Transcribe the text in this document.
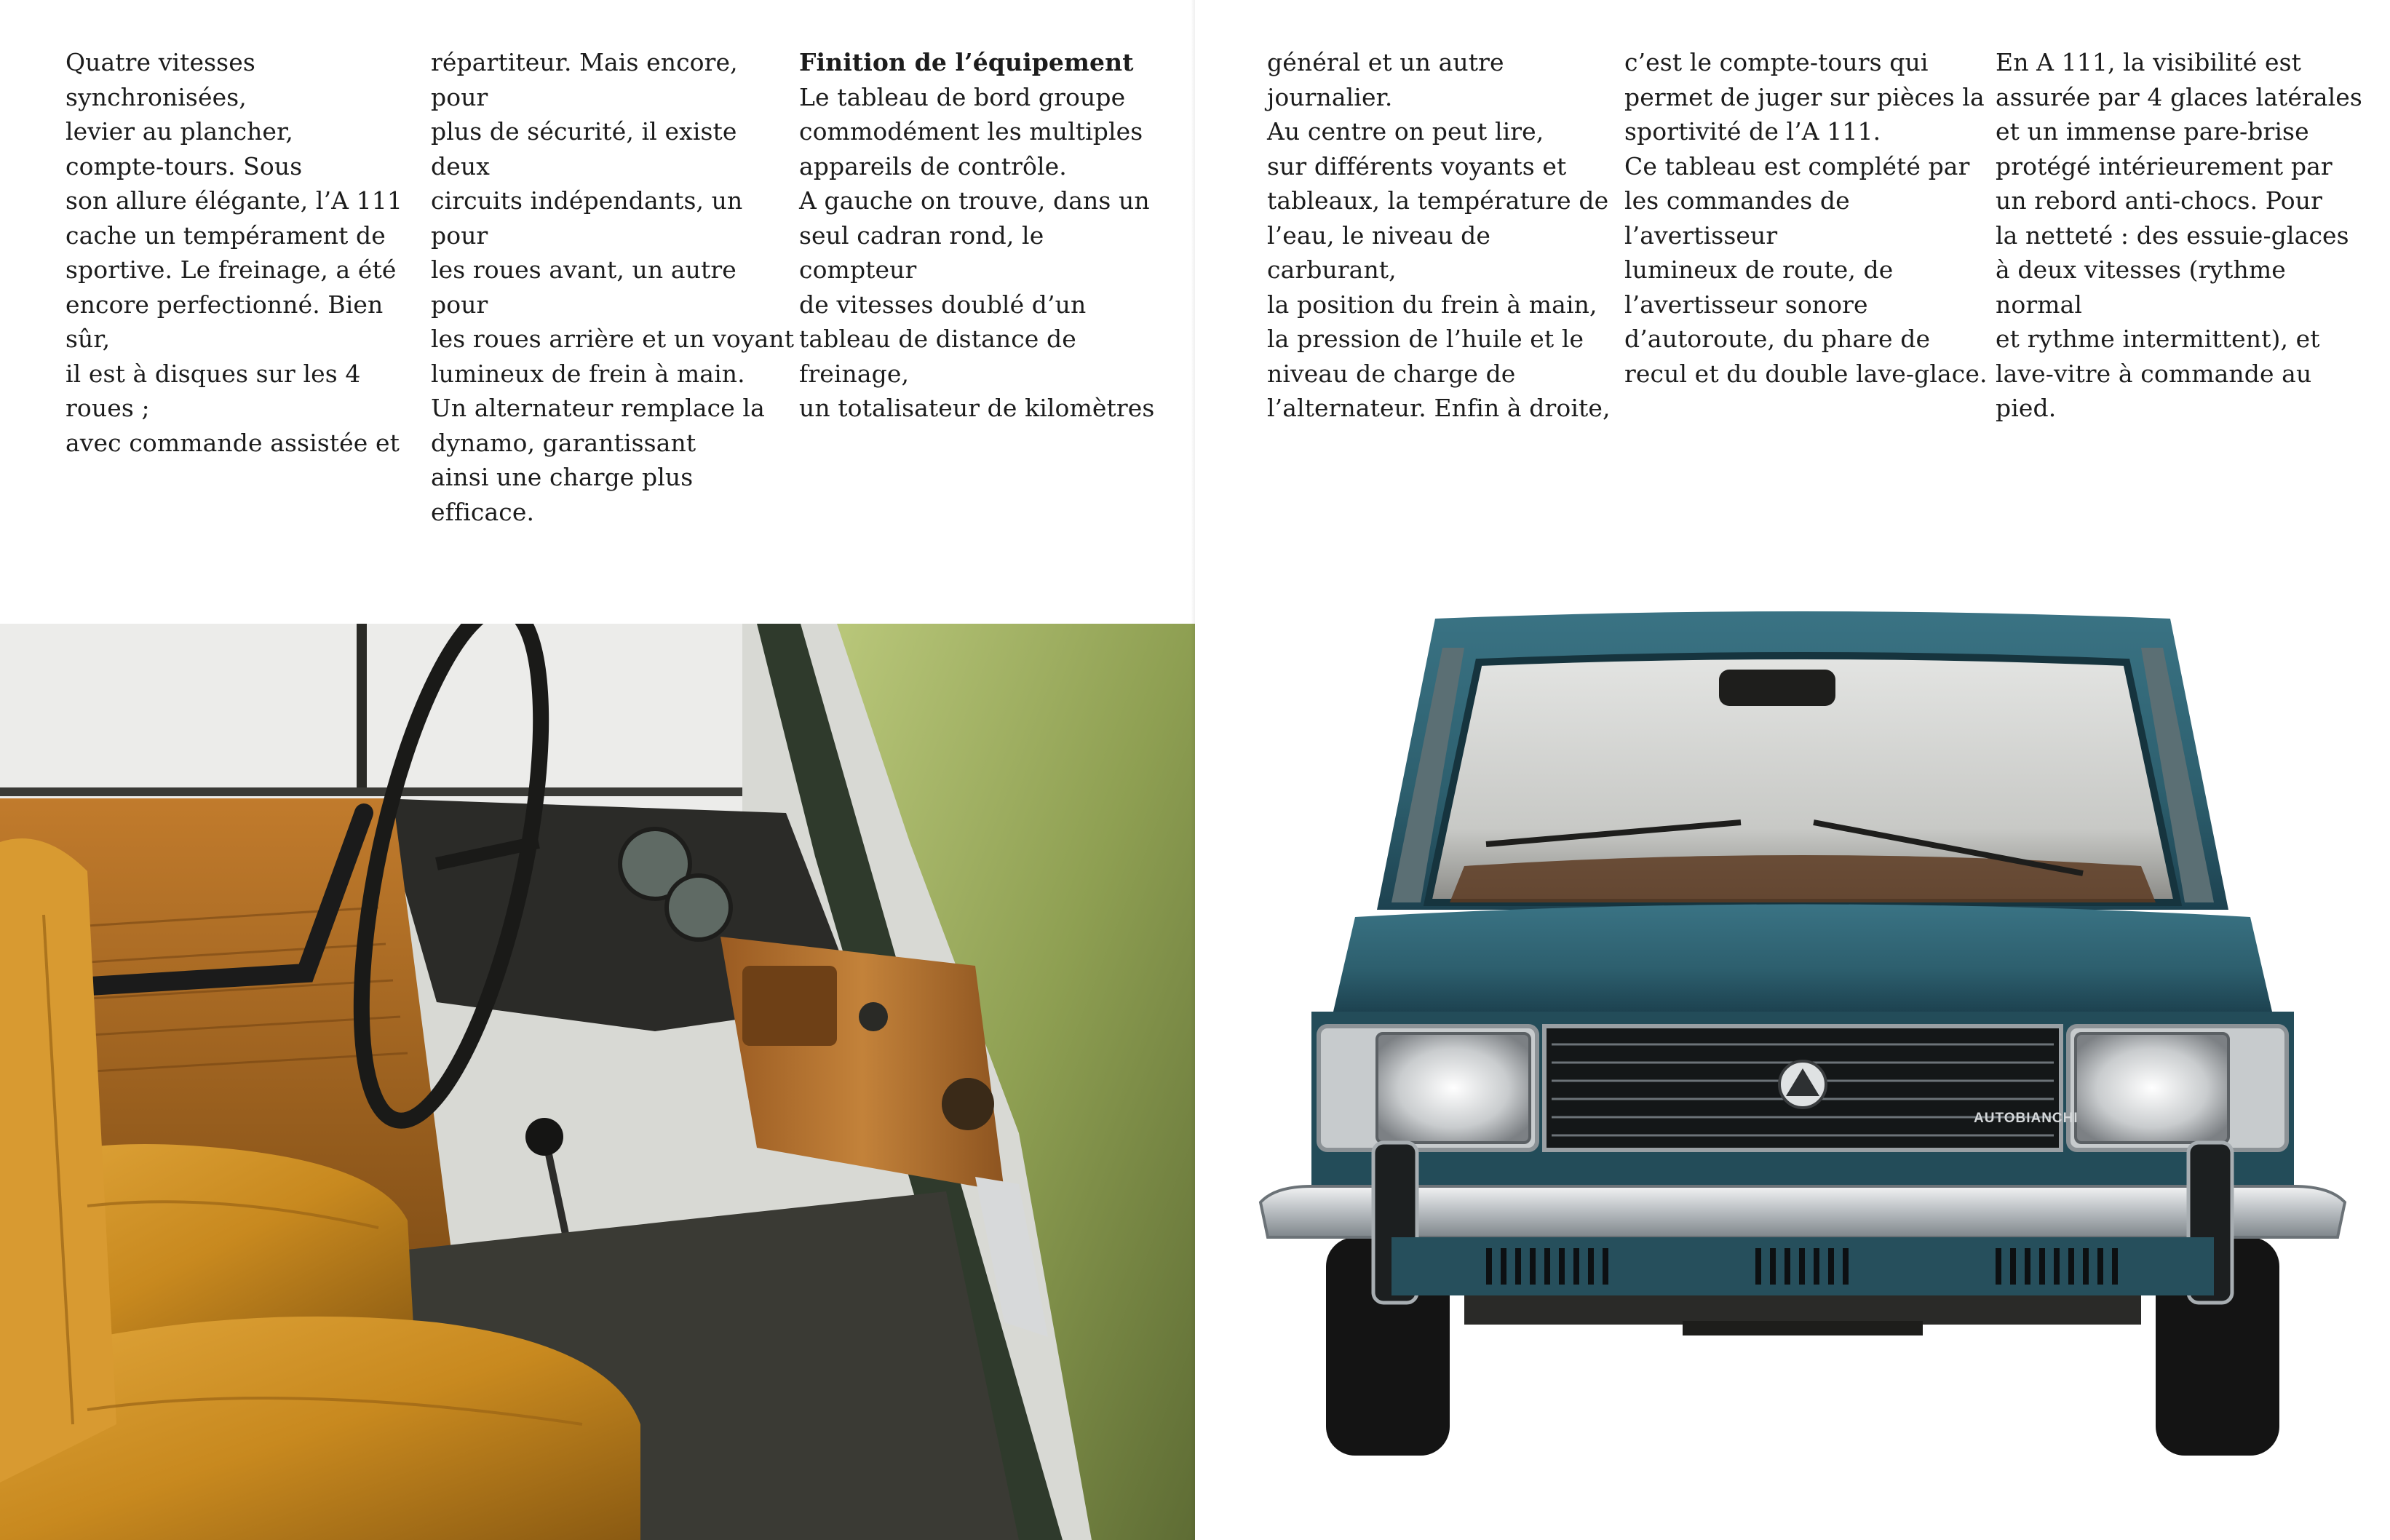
Quatre vitesses synchronisées,
levier au plancher,
compte-tours. Sous
son allure élégante, l’A 111
cache un tempérament de
sportive. Le freinage, a été
encore perfectionné. Bien sûr,
il est à disques sur les 4 roues ;
avec commande assistée et
répartiteur. Mais encore, pour
plus de sécurité, il existe deux
circuits indépendants, un pour
les roues avant, un autre pour
les roues arrière et un voyant
lumineux de frein à main.
Un alternateur remplace la
dynamo, garantissant
ainsi une charge plus efficace.
Finition de l’équipement
Le tableau de bord groupe
commodément les multiples
appareils de contrôle.
A gauche on trouve, dans un
seul cadran rond, le compteur
de vitesses doublé d’un
tableau de distance de freinage,
un totalisateur de kilomètres
général et un autre journalier.
Au centre on peut lire,
sur différents voyants et
tableaux, la température de
l’eau, le niveau de carburant,
la position du frein à main,
la pression de l’huile et le
niveau de charge de
l’alternateur. Enfin à droite,
c’est le compte-tours qui
permet de juger sur pièces la
sportivité de l’A 111.
Ce tableau est complété par
les commandes de l’avertisseur
lumineux de route, de
l’avertisseur sonore
d’autoroute, du phare de
recul et du double lave-glace.
En A 111, la visibilité est
assurée par 4 glaces latérales
et un immense pare-brise
protégé intérieurement par
un rebord anti-chocs. Pour
la netteté : des essuie-glaces
à deux vitesses (rythme normal
et rythme intermittent), et
lave-vitre à commande au pied.
AUTOBIANCHI
